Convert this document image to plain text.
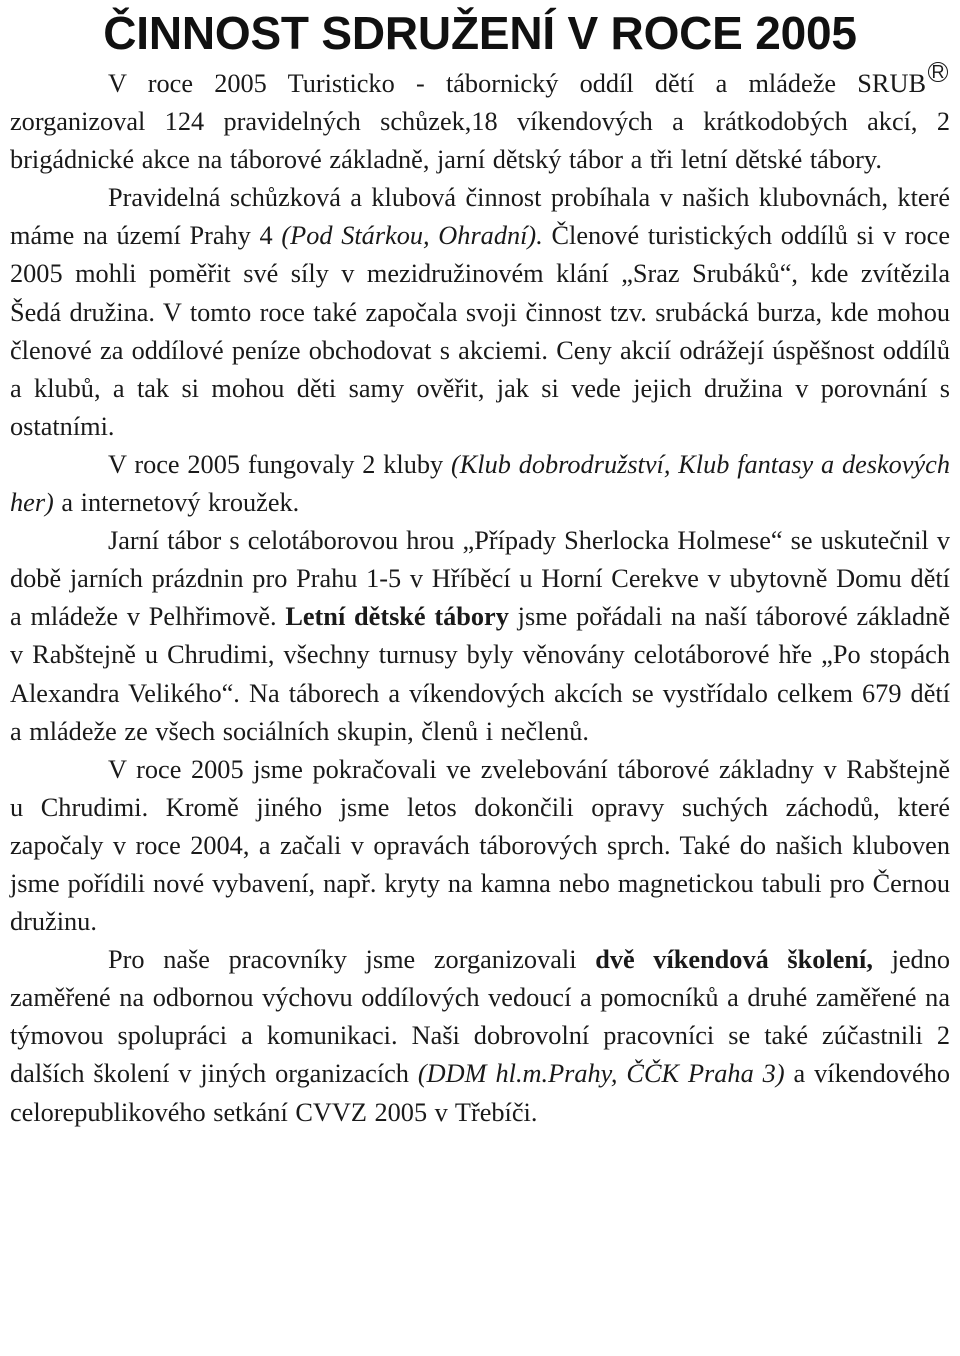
ČINNOST SDRUŽENÍ V ROCE 2005

V roce 2005 Turisticko - tábornický oddíl dětí a mládeže SRUB R zorganizoval 124 pravidelných schůzek,18 víkendových a krátkodobých akcí, 2 brigádnické akce na táborové základně, jarní dětský tábor a tři letní dětské tábory.

Pravidelná schůzková a klubová činnost probíhala v našich klubovnách, které máme na území Prahy 4 (Pod Stárkou, Ohradní). Členové turistických oddílů si v roce 2005 mohli poměřit své síly v mezidružinovém klání „Sraz Srubáků“, kde zvítězila Šedá družina. V tomto roce také započala svoji činnost tzv. srubácká burza, kde mohou členové za oddílové peníze obchodovat s akciemi. Ceny akcií odrážejí úspěšnost oddílů a klubů, a tak si mohou děti samy ověřit, jak si vede jejich družina v porovnání s ostatními.

V roce 2005 fungovaly 2 kluby (Klub dobrodružství, Klub fantasy a deskových her) a internetový kroužek.

Jarní tábor s celotáborovou hrou „Případy Sherlocka Holmese“ se uskutečnil v době jarních prázdnin pro Prahu 1-5 v Hříběcí u Horní Cerekve v ubytovně Domu dětí a mládeže v Pelhřimově. Letní dětské tábory jsme pořádali na naší táborové základně v Rabštejně u Chrudimi, všechny turnusy byly věnovány celotáborové hře „Po stopách Alexandra Velikého“. Na táborech a víkendových akcích se vystřídalo celkem 679 dětí a mládeže ze všech sociálních skupin, členů i nečlenů.

V roce 2005 jsme pokračovali ve zvelebování táborové základny v Rabštejně u Chrudimi. Kromě jiného jsme letos dokončili opravy suchých záchodů, které započaly v roce 2004, a začali v opravách táborových sprch. Také do našich kluboven jsme pořídili nové vybavení, např. kryty na kamna nebo magnetickou tabuli pro Černou družinu.

Pro naše pracovníky jsme zorganizovali dvě víkendová školení, jedno zaměřené na odbornou výchovu oddílových vedoucí a pomocníků a druhé zaměřené na týmovou spolupráci a komunikaci. Naši dobrovolní pracovníci se také zúčastnili 2 dalších školení v jiných organizacích (DDM hl.m.Prahy, ČČK Praha 3) a víkendového celorepublikového setkání CVVZ 2005 v Třebíči.
